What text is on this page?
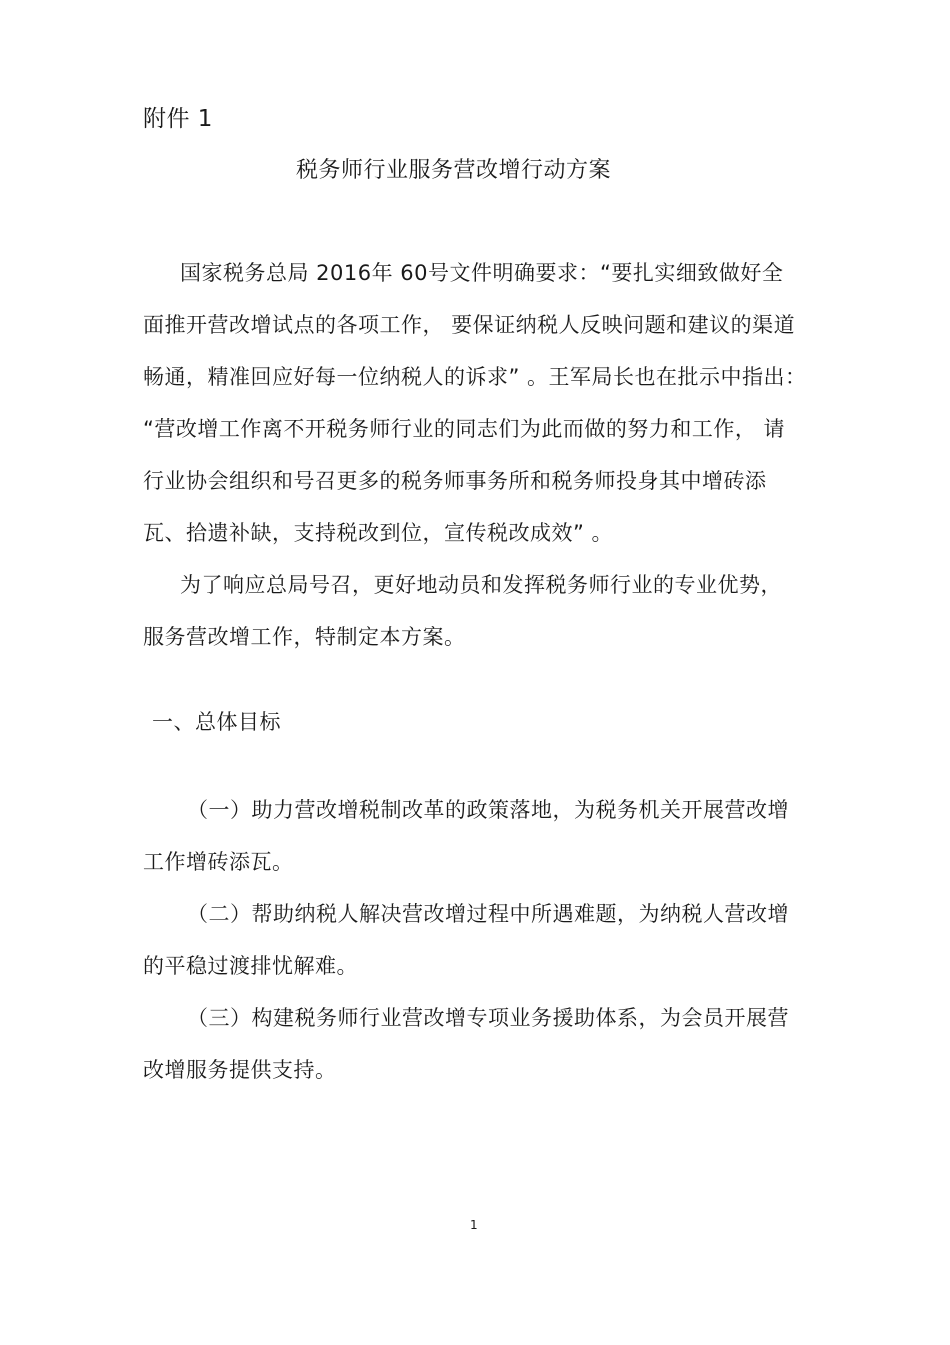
附件 1
税务师行业服务营改增行动方案
国家税务总局 2016年 60号文件明确要求：“要扎实细致做好全
面推开营改增试点的各项工作， 要保证纳税人反映问题和建议的渠道
畅通，精准回应好每一位纳税人的诉求” 。王军局长也在批示中指出：
“营改增工作离不开税务师行业的同志们为此而做的努力和工作， 请
行业协会组织和号召更多的税务师事务所和税务师投身其中增砖添
瓦、拾遗补缺，支持税改到位，宣传税改成效” 。
为了响应总局号召，更好地动员和发挥税务师行业的专业优势，
服务营改增工作，特制定本方案。
一、总体目标
（一）助力营改增税制改革的政策落地，为税务机关开展营改增
工作增砖添瓦。
（二）帮助纳税人解决营改增过程中所遇难题，为纳税人营改增
的平稳过渡排忧解难。
（三）构建税务师行业营改增专项业务援助体系，为会员开展营
改增服务提供支持。
1
